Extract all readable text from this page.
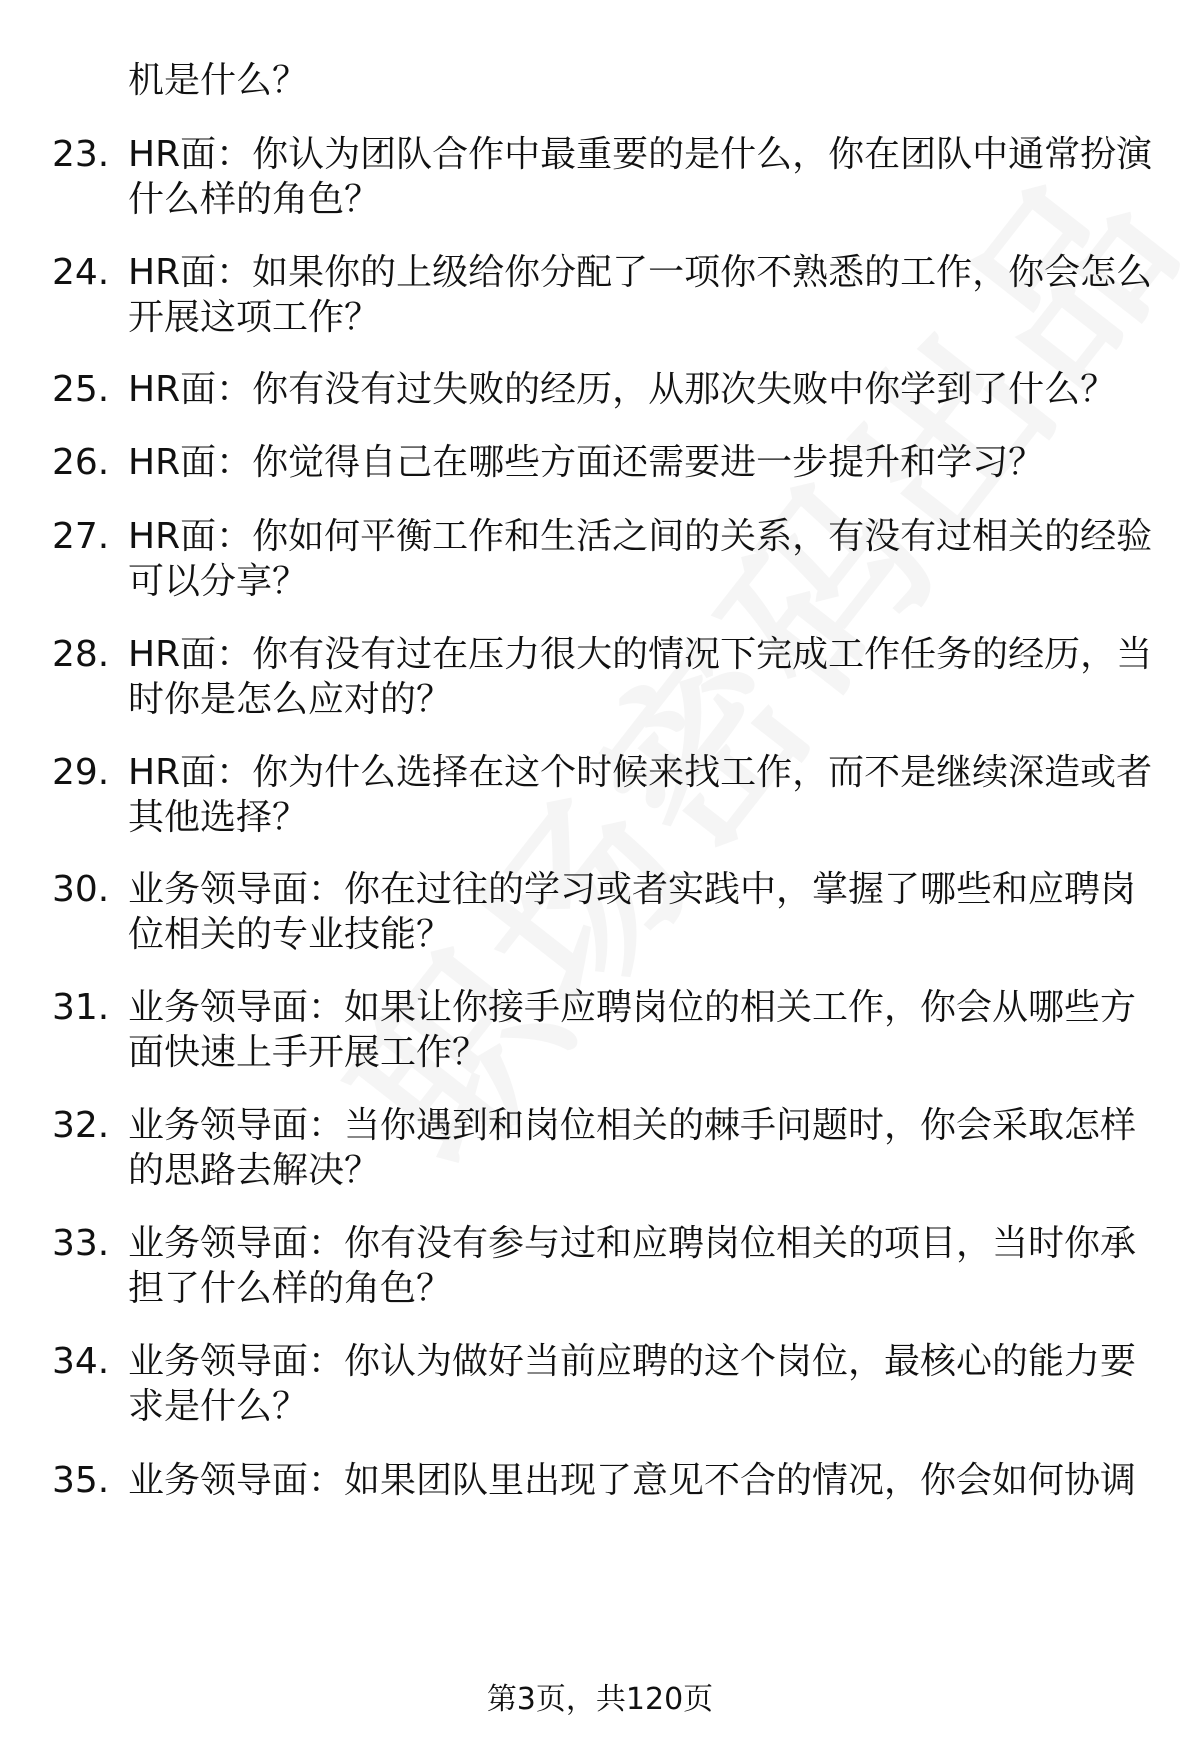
机是什么？
23. HR面：你认为团队合作中最重要的是什么，你在团队中通常扮演
什么样的角色？
24. HR面：如果你的上级给你分配了一项你不熟悉的工作，你会怎么
开展这项工作？
25. HR面：你有没有过失败的经历，从那次失败中你学到了什么？
26. HR面：你觉得自己在哪些方面还需要进一步提升和学习？
27. HR面：你如何平衡工作和生活之间的关系，有没有过相关的经验
可以分享？
28. HR面：你有没有过在压力很大的情况下完成工作任务的经历，当
时你是怎么应对的？
29. HR面：你为什么选择在这个时候来找工作，而不是继续深造或者
其他选择？
30. 业务领导面：你在过往的学习或者实践中，掌握了哪些和应聘岗
位相关的专业技能？
31. 业务领导面：如果让你接手应聘岗位的相关工作，你会从哪些方
面快速上手开展工作？
32. 业务领导面：当你遇到和岗位相关的棘手问题时，你会采取怎样
的思路去解决？
33. 业务领导面：你有没有参与过和应聘岗位相关的项目，当时你承
担了什么样的角色？
34. 业务领导面：你认为做好当前应聘的这个岗位，最核心的能力要
求是什么？
35. 业务领导面：如果团队里出现了意见不合的情况，你会如何协调
第3页，共120页
